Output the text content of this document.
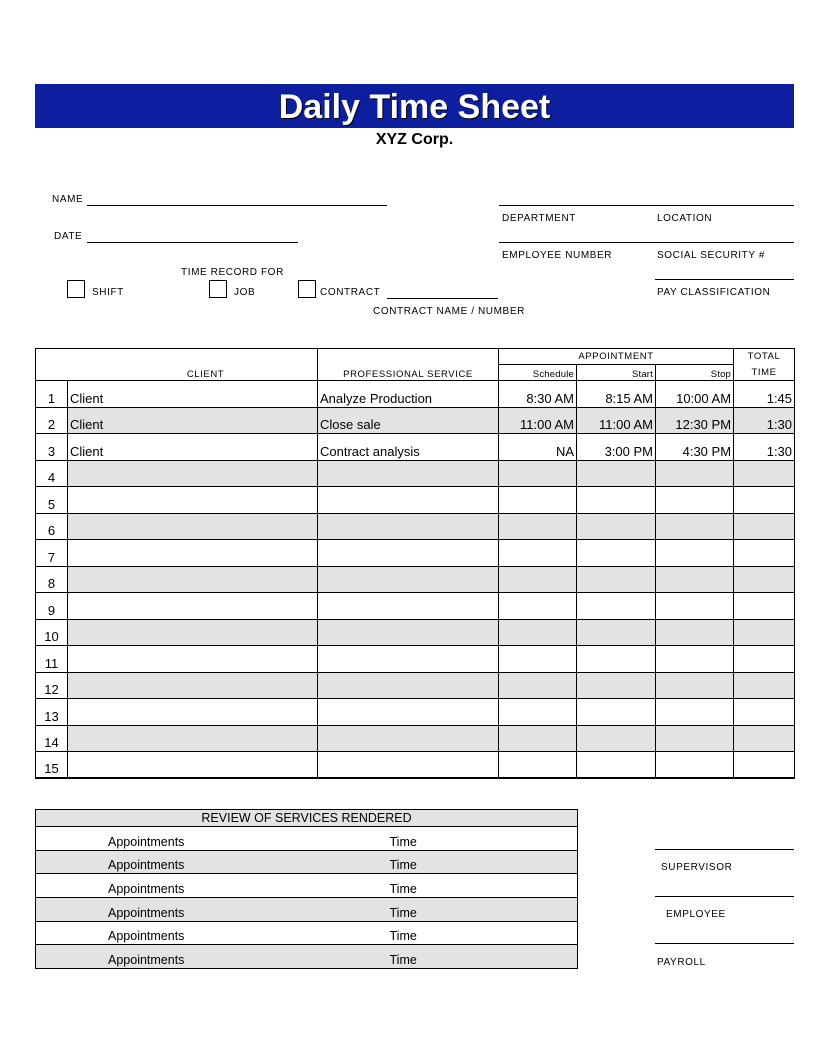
Daily Time Sheet
XYZ Corp.
NAME
DATE
DEPARTMENT	LOCATION
EMPLOYEE NUMBER	SOCIAL SECURITY #
PAY CLASSIFICATION
TIME RECORD FOR
SHIFT	JOB	CONTRACT
CONTRACT NAME / NUMBER
CLIENT		PROFESSIONAL SERVICE	APPOINTMENT			TOTAL
			Schedule	Start	Stop	TIME
1	Client	Analyze Production	8:30 AM	8:15 AM	10:00 AM	1:45
2	Client	Close sale	11:00 AM	11:00 AM	12:30 PM	1:30
3	Client	Contract analysis	NA	3:00 PM	4:30 PM	1:30
4						
5						
6						
7						
8						
9						
10						
11						
12						
13						
14						
15						
REVIEW OF SERVICES RENDERED	
Appointments	Time
Appointments	Time
Appointments	Time
Appointments	Time
Appointments	Time
Appointments	Time
SUPERVISOR
EMPLOYEE
PAYROLL
